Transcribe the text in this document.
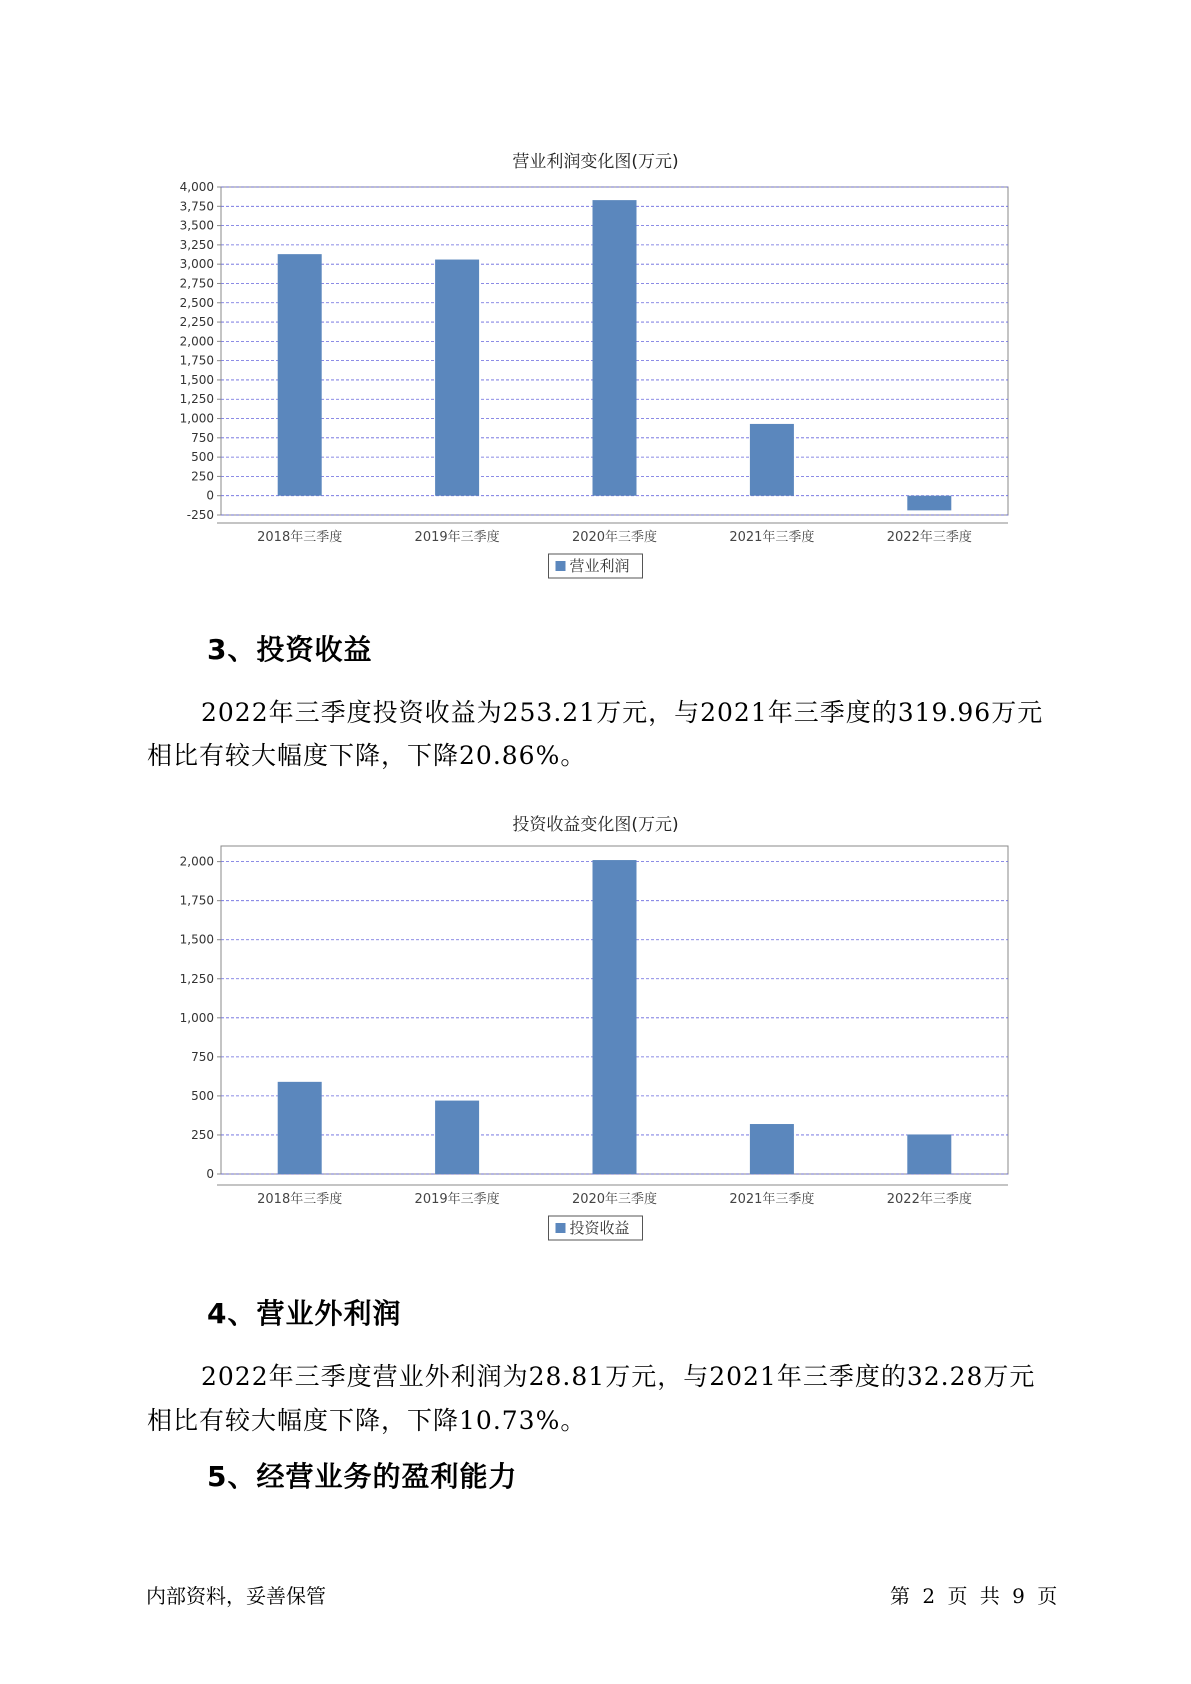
营业利润变化图(万元)
-250
0
250
500
750
1,000
1,250
1,500
1,750
2,000
2,250
2,500
2,750
3,000
3,250
3,500
3,750
4,000
2018年三季度	2019年三季度	2020年三季度	2021年三季度	2022年三季度
营业利润
3、投资收益
2022年三季度投资收益为253.21万元，与2021年三季度的319.96万元
相比有较大幅度下降，下降20.86%。
投资收益变化图(万元)
0
250
500
750
1,000
1,250
1,500
1,750
2,000
2018年三季度	2019年三季度	2020年三季度	2021年三季度	2022年三季度
投资收益
4、营业外利润
2022年三季度营业外利润为28.81万元，与2021年三季度的32.28万元
相比有较大幅度下降，下降10.73%。
5、经营业务的盈利能力
内部资料，妥善保管	第 2 页 共 9 页
